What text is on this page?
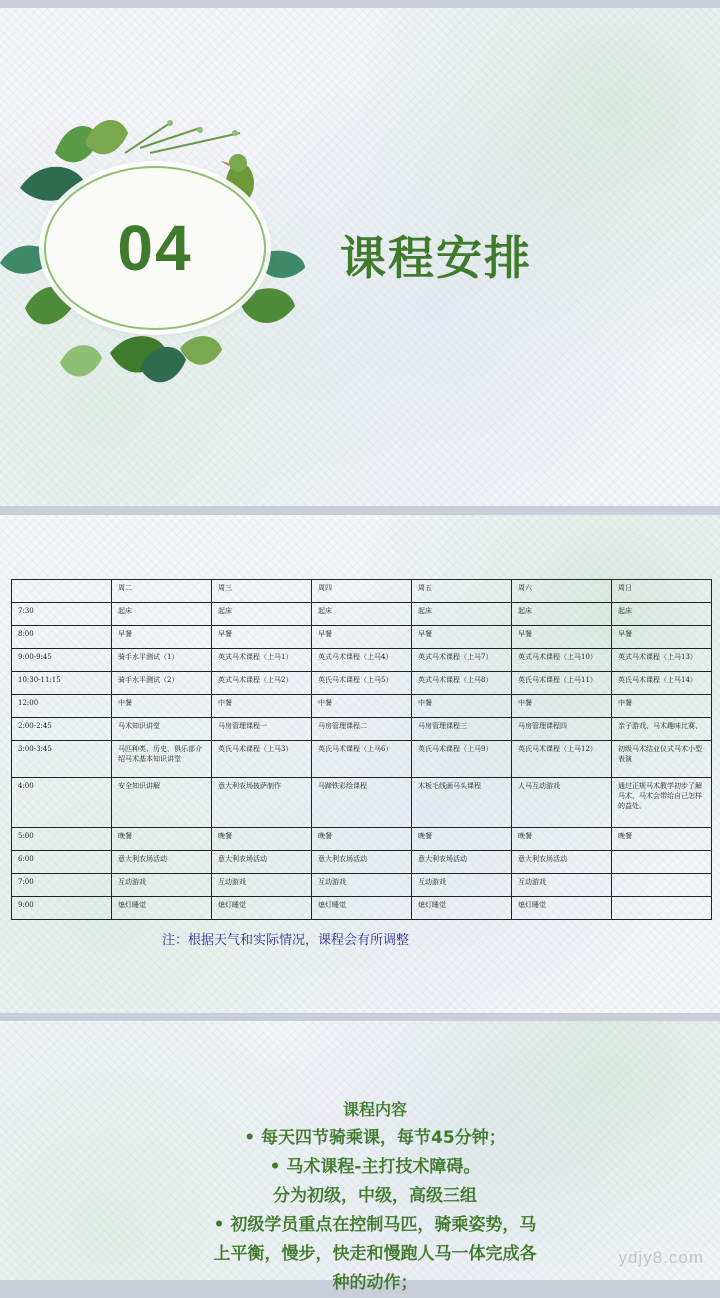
04	课程安排
	周二	周三	周四	周五	周六	周日
7:30	起床	起床	起床	起床	起床	起床
8:00	早餐	早餐	早餐	早餐	早餐	早餐
9:00-9:45	骑手水平测试（1）	英式马术课程（上马1）	英式马术课程（上马4）	英式马术课程（上马7）	英式马术课程（上马10）	英式马术课程（上马13）
10:30-11:15	骑手水平测试（2）	英式马术课程（上马2）	英氏马术课程（上马5）	英式马术课程（上马8）	英氏马术课程（上马11）	英氏马术课程（上马14）
12:00	中餐	中餐	中餐	中餐	中餐	中餐
2:00-2:45	马术知识讲堂	马房管理课程一	马房管理课程二	马房管理课程三	马房管理课程四	亲子游戏、马术趣味比赛、
3:00-3:45	马匹种类、历史、俱乐部介绍马术基本知识讲堂	英氏马术课程（上马3）	英氏马术课程（上马6）	英氏马术课程（上马9）	英氏马术课程（上马12）	初级马术结业仪式马术小型表演
4:00	安全知识讲解	意大利农场披萨制作	马蹄铁彩绘课程	木板毛线画马头课程	人马互动游戏	通过正规马术教学初步了解马术，马术会带给自己怎样的益处。
5:00	晚餐	晚餐	晚餐	晚餐	晚餐	晚餐
6:00	意大利农场活动	意大利农场活动	意大利农场活动	意大利农场活动	意大利农场活动	
7:00	互动游戏	互动游戏	互动游戏	互动游戏	互动游戏	
9:00	熄灯睡觉	熄灯睡觉	熄灯睡觉	熄灯睡觉	熄灯睡觉	
注：根据天气和实际情况，课程会有所调整
课程内容
• 每天四节骑乘课，每节45分钟；
• 马术课程-主打技术障碍。
分为初级，中级，高级三组
• 初级学员重点在控制马匹，骑乘姿势，马
上平衡，慢步，快走和慢跑人马一体完成各
种的动作；
ydjy8.com
